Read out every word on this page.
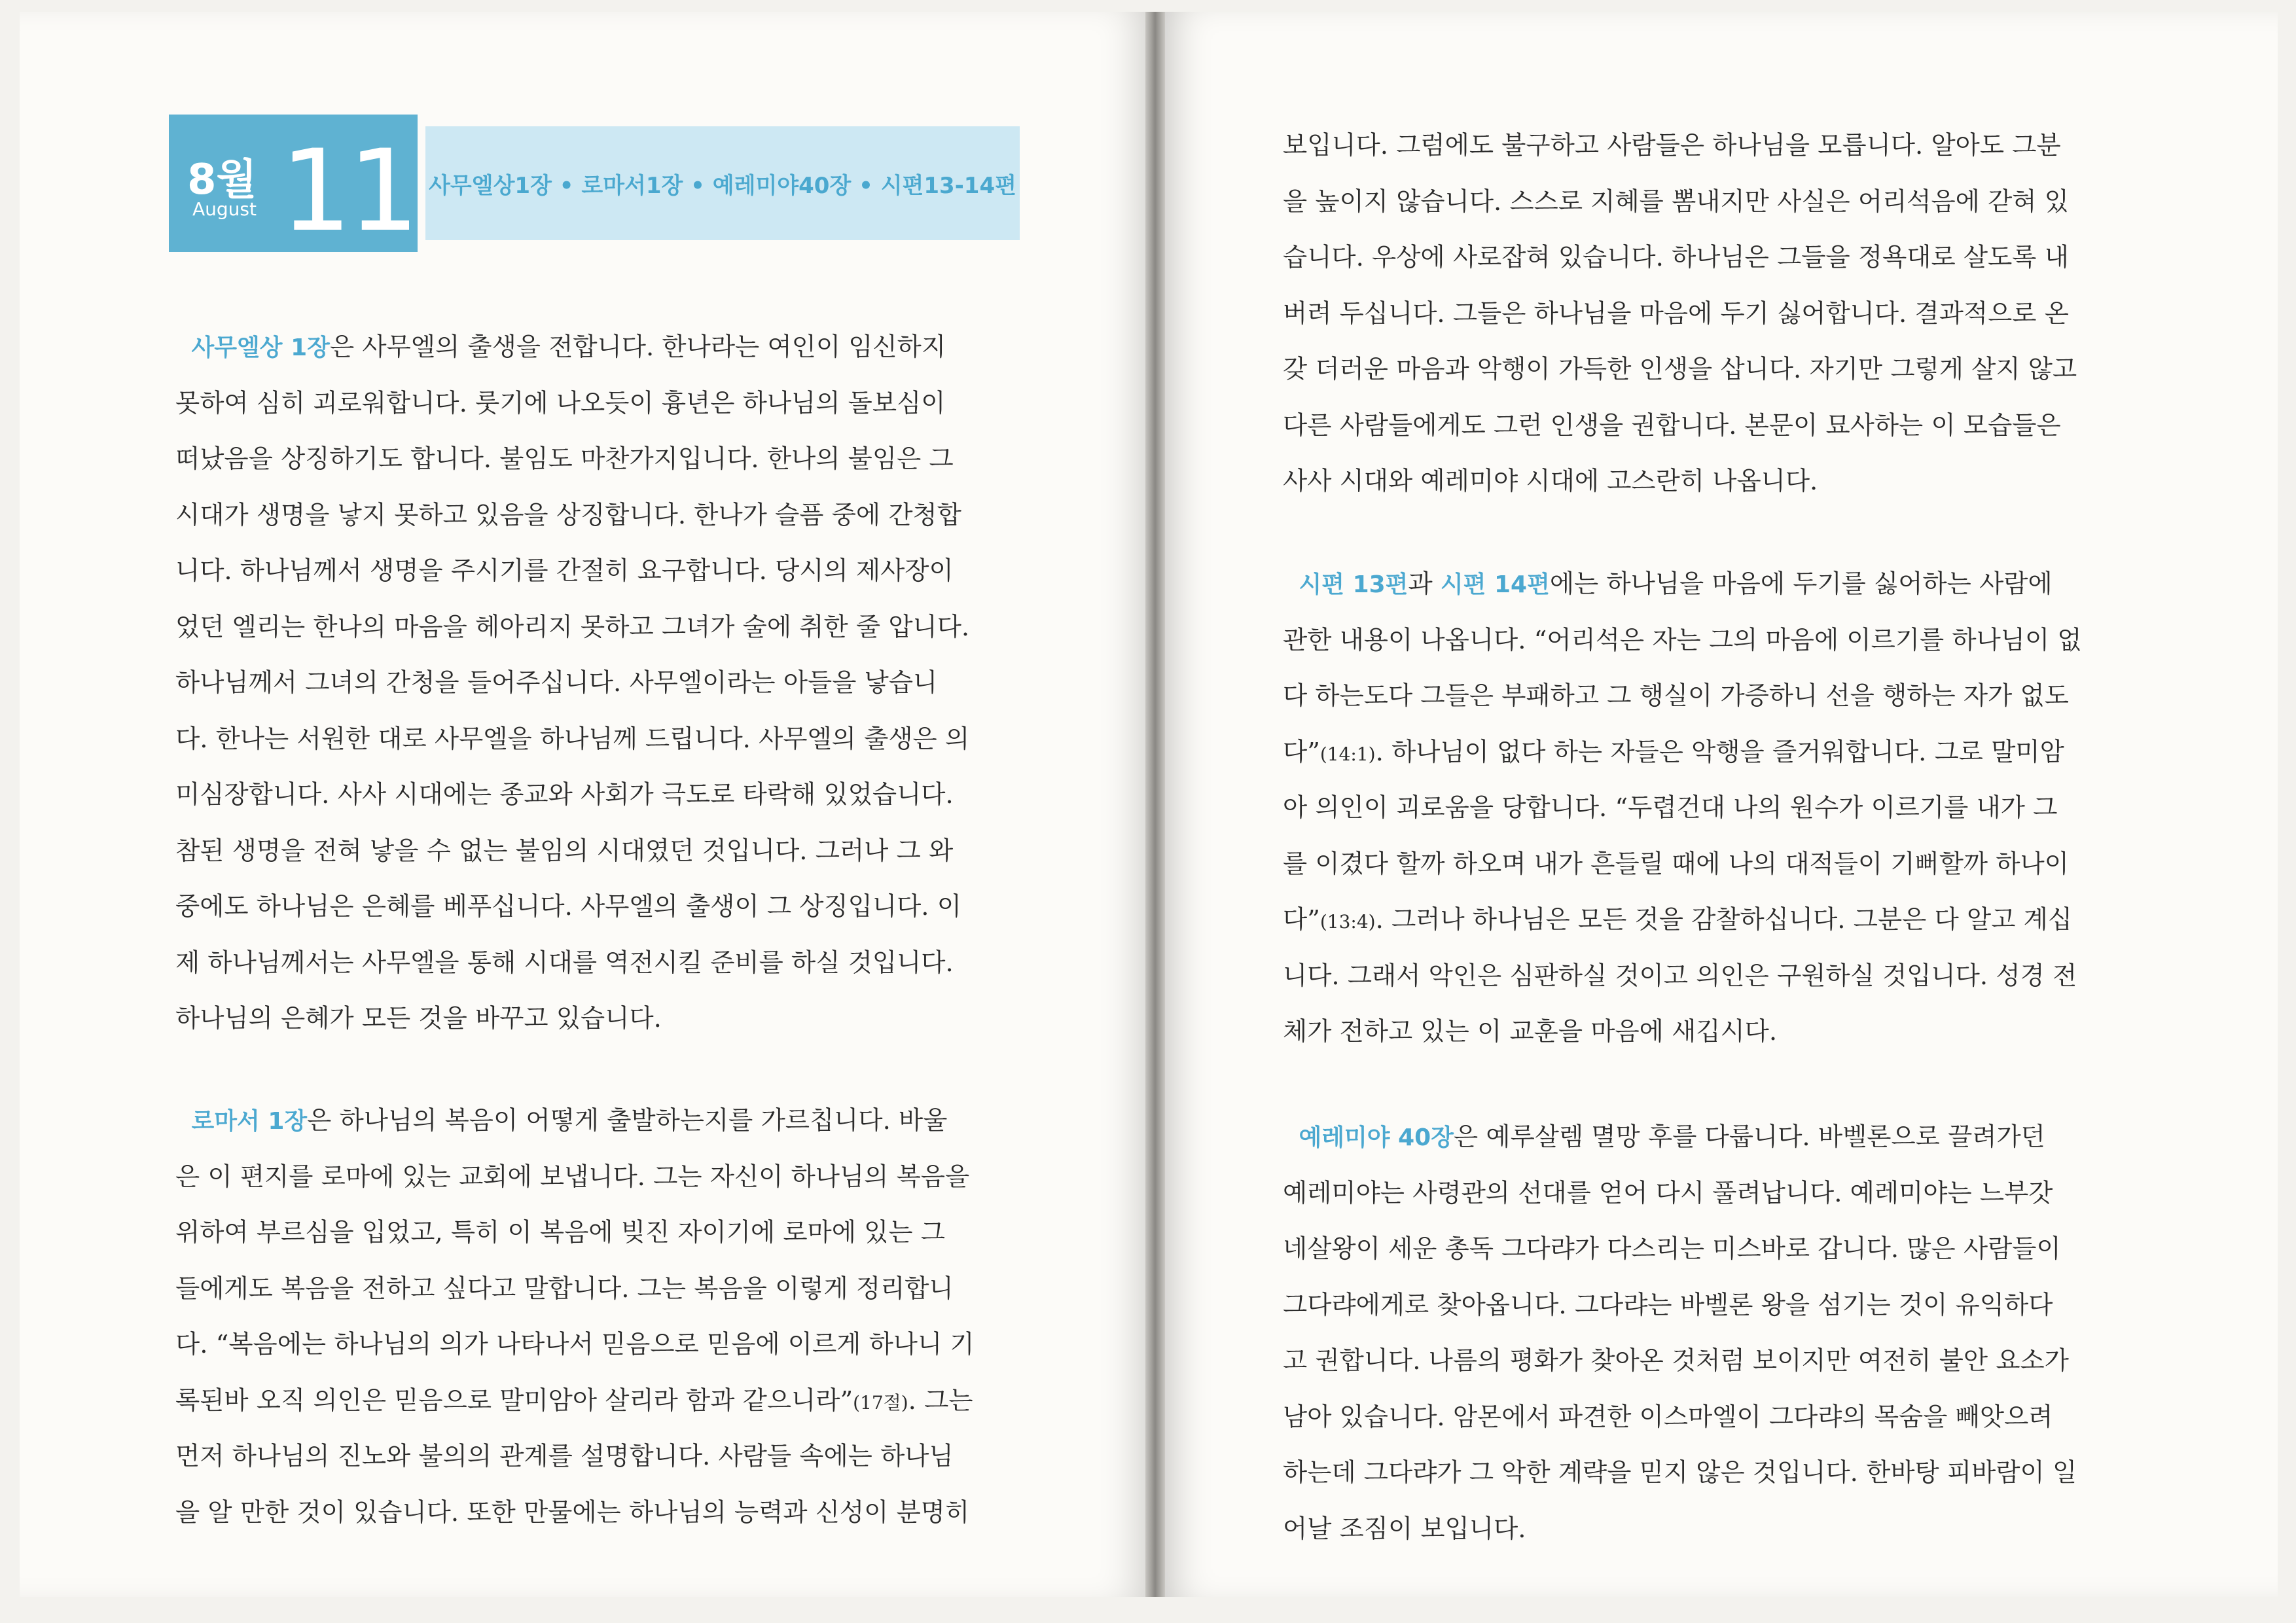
8월
August 11 사무엘상1장 • 로마서1장 • 예레미야40장 • 시편13-14편
사무엘상 1장은 사무엘의 출생을 전합니다. 한나라는 여인이 임신하지
못하여 심히 괴로워합니다. 룻기에 나오듯이 흉년은 하나님의 돌보심이
떠났음을 상징하기도 합니다. 불임도 마찬가지입니다. 한나의 불임은 그
시대가 생명을 낳지 못하고 있음을 상징합니다. 한나가 슬픔 중에 간청합
니다. 하나님께서 생명을 주시기를 간절히 요구합니다. 당시의 제사장이
었던 엘리는 한나의 마음을 헤아리지 못하고 그녀가 술에 취한 줄 압니다.
하나님께서 그녀의 간청을 들어주십니다. 사무엘이라는 아들을 낳습니
다. 한나는 서원한 대로 사무엘을 하나님께 드립니다. 사무엘의 출생은 의
미심장합니다. 사사 시대에는 종교와 사회가 극도로 타락해 있었습니다.
참된 생명을 전혀 낳을 수 없는 불임의 시대였던 것입니다. 그러나 그 와
중에도 하나님은 은혜를 베푸십니다. 사무엘의 출생이 그 상징입니다. 이
제 하나님께서는 사무엘을 통해 시대를 역전시킬 준비를 하실 것입니다.
하나님의 은혜가 모든 것을 바꾸고 있습니다.
로마서 1장은 하나님의 복음이 어떻게 출발하는지를 가르칩니다. 바울
은 이 편지를 로마에 있는 교회에 보냅니다. 그는 자신이 하나님의 복음을
위하여 부르심을 입었고, 특히 이 복음에 빚진 자이기에 로마에 있는 그
들에게도 복음을 전하고 싶다고 말합니다. 그는 복음을 이렇게 정리합니
다. “복음에는 하나님의 의가 나타나서 믿음으로 믿음에 이르게 하나니 기
록된바 오직 의인은 믿음으로 말미암아 살리라 함과 같으니라”(17절). 그는
먼저 하나님의 진노와 불의의 관계를 설명합니다. 사람들 속에는 하나님
을 알 만한 것이 있습니다. 또한 만물에는 하나님의 능력과 신성이 분명히
보입니다. 그럼에도 불구하고 사람들은 하나님을 모릅니다. 알아도 그분
을 높이지 않습니다. 스스로 지혜를 뽐내지만 사실은 어리석음에 갇혀 있
습니다. 우상에 사로잡혀 있습니다. 하나님은 그들을 정욕대로 살도록 내
버려 두십니다. 그들은 하나님을 마음에 두기 싫어합니다. 결과적으로 온
갖 더러운 마음과 악행이 가득한 인생을 삽니다. 자기만 그렇게 살지 않고
다른 사람들에게도 그런 인생을 권합니다. 본문이 묘사하는 이 모습들은
사사 시대와 예레미야 시대에 고스란히 나옵니다.
시편 13편과 시편 14편에는 하나님을 마음에 두기를 싫어하는 사람에
관한 내용이 나옵니다. “어리석은 자는 그의 마음에 이르기를 하나님이 없
다 하는도다 그들은 부패하고 그 행실이 가증하니 선을 행하는 자가 없도
다”(14:1). 하나님이 없다 하는 자들은 악행을 즐거워합니다. 그로 말미암
아 의인이 괴로움을 당합니다. “두렵건대 나의 원수가 이르기를 내가 그
를 이겼다 할까 하오며 내가 흔들릴 때에 나의 대적들이 기뻐할까 하나이
다”(13:4). 그러나 하나님은 모든 것을 감찰하십니다. 그분은 다 알고 계십
니다. 그래서 악인은 심판하실 것이고 의인은 구원하실 것입니다. 성경 전
체가 전하고 있는 이 교훈을 마음에 새깁시다.
예레미야 40장은 예루살렘 멸망 후를 다룹니다. 바벨론으로 끌려가던
예레미야는 사령관의 선대를 얻어 다시 풀려납니다. 예레미야는 느부갓
네살왕이 세운 총독 그다랴가 다스리는 미스바로 갑니다. 많은 사람들이
그다랴에게로 찾아옵니다. 그다랴는 바벨론 왕을 섬기는 것이 유익하다
고 권합니다. 나름의 평화가 찾아온 것처럼 보이지만 여전히 불안 요소가
남아 있습니다. 암몬에서 파견한 이스마엘이 그다랴의 목숨을 빼앗으려
하는데 그다랴가 그 악한 계략을 믿지 않은 것입니다. 한바탕 피바람이 일
어날 조짐이 보입니다.
